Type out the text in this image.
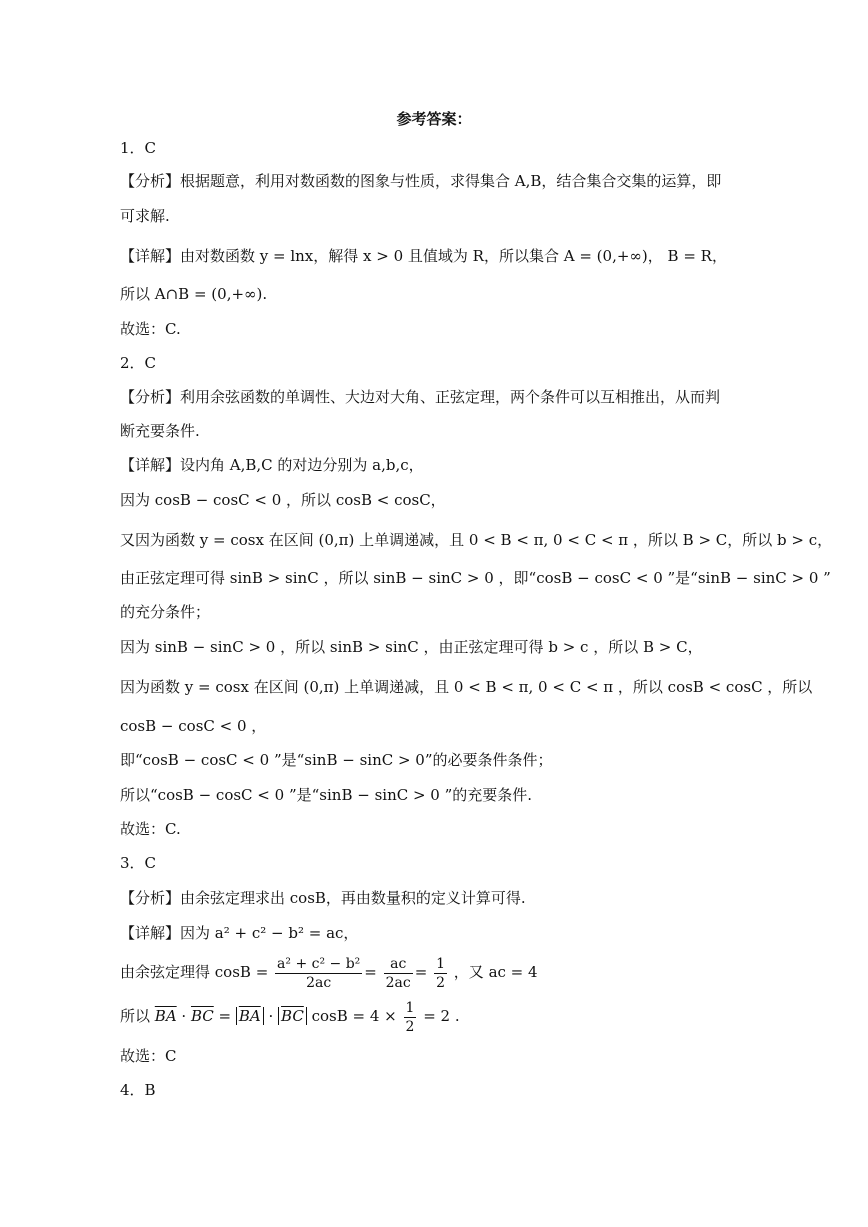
参考答案：
1．C
【分析】根据题意，利用对数函数的图象与性质，求得集合 A,B，结合集合交集的运算，即
可求解.
【详解】由对数函数 y = lnx，解得 x > 0 且值域为 R，所以集合 A = (0,+∞)， B = R，
所以 A∩B = (0,+∞).
故选：C.
2．C
【分析】利用余弦函数的单调性、大边对大角、正弦定理，两个条件可以互相推出，从而判
断充要条件.
【详解】设内角 A,B,C 的对边分别为 a,b,c，
因为 cosB − cosC < 0 ，所以 cosB < cosC，
又因为函数 y = cosx 在区间 (0,π) 上单调递减，且 0 < B < π, 0 < C < π ，所以 B > C，所以 b > c，
由正弦定理可得 sinB > sinC ，所以 sinB − sinC > 0 ，即“cosB − cosC < 0 ”是“sinB − sinC > 0 ”
的充分条件；
因为 sinB − sinC > 0 ，所以 sinB > sinC ，由正弦定理可得 b > c ，所以 B > C，
因为函数 y = cosx 在区间 (0,π) 上单调递减，且 0 < B < π, 0 < C < π ，所以 cosB < cosC ，所以
cosB − cosC < 0 ，
即“cosB − cosC < 0 ”是“sinB − sinC > 0”的必要条件条件；
所以“cosB − cosC < 0 ”是“sinB − sinC > 0 ”的充要条件.
故选：C.
3．C
【分析】由余弦定理求出 cosB，再由数量积的定义计算可得.
【详解】因为 a² + c² − b² = ac，
由余弦定理得 $\cos B = \frac{\text{a² + c² − b²}}{2ac} = \frac{ac}{2ac} = \frac{1}{2}$ ，又 ac = 4
所以 $\overline{BA} \cdot \overline{BC} = \overline{BA} \cdot \overline{BC}$ $\cos B = 4 \times \frac{1}{2} = 2$ .
故选：C
4．B
